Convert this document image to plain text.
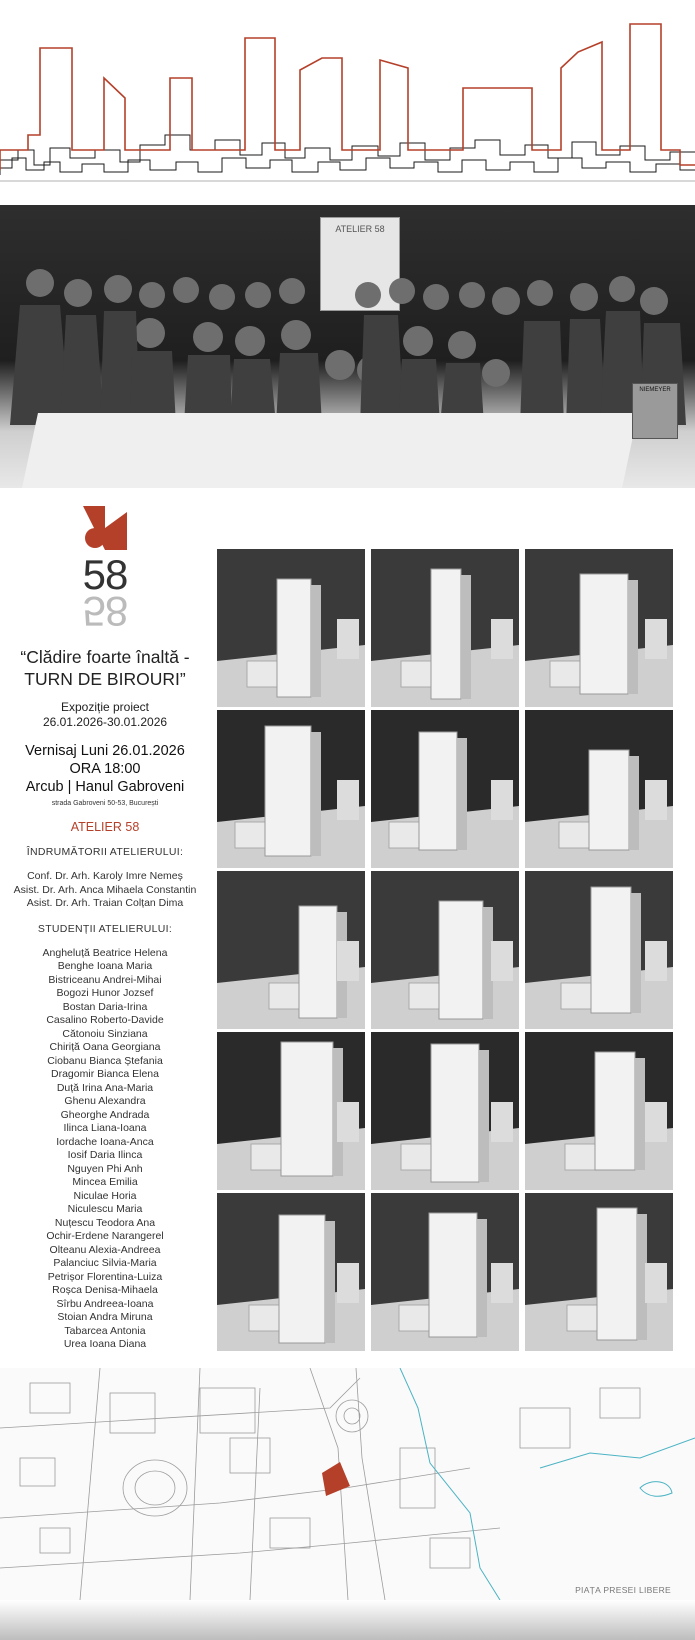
ATELIER 58
NIEMEYER
58
58
“Clădire foarte înaltă -
TURN DE BIROURI”
Expoziție proiect
26.01.2026-30.01.2026
Vernisaj Luni 26.01.2026
ORA 18:00
Arcub | Hanul Gabroveni
strada Gabroveni 50-53, București
ATELIER 58
ÎNDRUMĂTORII ATELIERULUI:
Conf. Dr. Arh. Karoly Imre Nemeș
Asist. Dr. Arh. Anca Mihaela Constantin
Asist. Dr. Arh. Traian Colțan Dima
STUDENȚII ATELIERULUI:
Angheluță Beatrice Helena
Benghe Ioana Maria
Bistriceanu Andrei-Mihai
Bogozi Hunor Jozsef
Bostan Daria-Irina
Casalino Roberto-Davide
Cătonoiu Sinziana
Chiriță Oana Georgiana
Ciobanu Bianca Ștefania
Dragomir Bianca Elena
Duță Irina Ana-Maria
Ghenu Alexandra
Gheorghe Andrada
Ilinca Liana-Ioana
Iordache Ioana-Anca
Iosif Daria Ilinca
Nguyen Phi Anh
Mincea Emilia
Niculae Horia
Niculescu Maria
Nuțescu Teodora Ana
Ochir-Erdene Narangerel
Olteanu Alexia-Andreea
Palanciuc Silvia-Maria
Petrișor Florentina-Luiza
Roșca Denisa-Mihaela
Sîrbu Andreea-Ioana
Stoian Andra Miruna
Tabarcea Antonia
Urea Ioana Diana
PIAȚA PRESEI LIBERE
